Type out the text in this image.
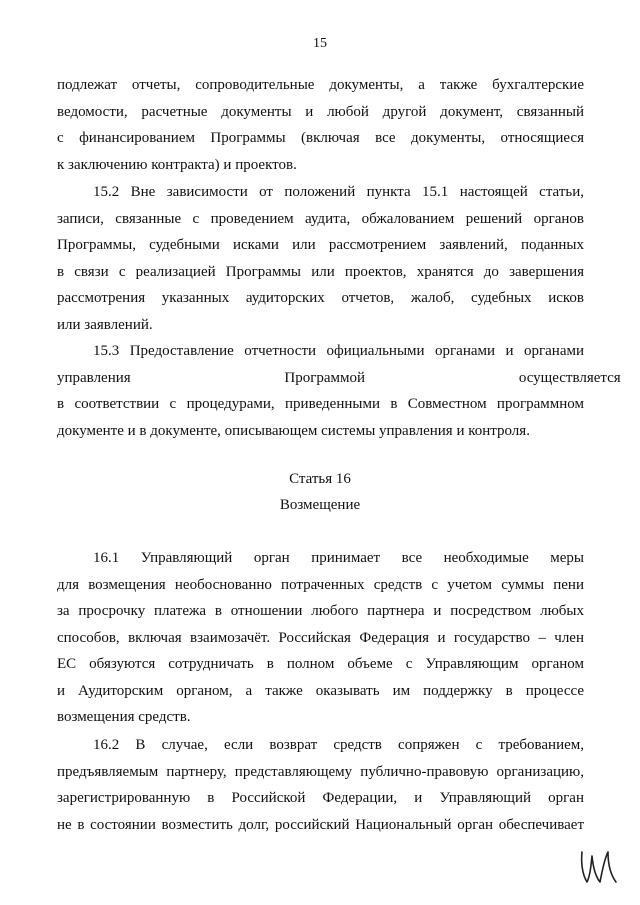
15
подлежат отчеты, сопроводительные документы, а также бухгалтерские
ведомости, расчетные документы и любой другой документ, связанный
с финансированием Программы (включая все документы, относящиеся
к заключению контракта) и проектов.
15.2 Вне зависимости от положений пункта 15.1 настоящей статьи,
записи, связанные с проведением аудита, обжалованием решений органов
Программы, судебными исками или рассмотрением заявлений, поданных
в связи с реализацией Программы или проектов, хранятся до завершения
рассмотрения указанных аудиторских отчетов, жалоб, судебных исков
или заявлений.
15.3 Предоставление отчетности официальными органами и органами
управления Программой осуществляется
в соответствии с процедурами, приведенными в Совместном программном
документе и в документе, описывающем системы управления и контроля.
Статья 16
Возмещение
16.1 Управляющий орган принимает все необходимые меры
для возмещения необоснованно потраченных средств с учетом суммы пени
за просрочку платежа в отношении любого партнера и посредством любых
способов, включая взаимозачёт. Российская Федерация и государство – член
ЕС обязуются сотрудничать в полном объеме с Управляющим органом
и Аудиторским органом, а также оказывать им поддержку в процессе
возмещения средств.
16.2 В случае, если возврат средств сопряжен с требованием,
предъявляемым партнеру, представляющему публично-правовую организацию,
зарегистрированную в Российской Федерации, и Управляющий орган
не в состоянии возместить долг, российский Национальный орган обеспечивает
